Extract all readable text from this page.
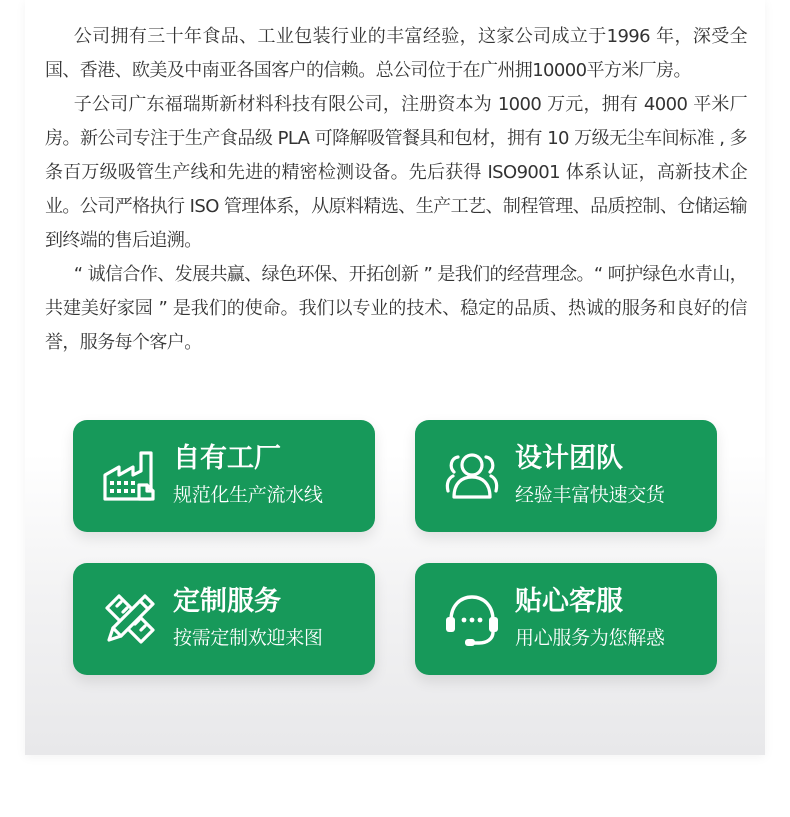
公司拥有三十年食品、工业包装行业的丰富经验，这家公司成立于1996 年，深受全国、香港、欧美及中南亚各国客户的信赖。总公司位于在广州拥10000平方米厂房。

子公司广东福瑞斯新材料科技有限公司，注册资本为 1000 万元，拥有 4000 平米厂房。新公司专注于生产食品级 PLA 可降解吸管餐具和包材，拥有 10 万级无尘车间标准 , 多条百万级吸管生产线和先进的精密检测设备。先后获得 ISO9001 体系认证，高新技术企业。公司严格执行 ISO 管理体系，从原料精选、生产工艺、制程管理、品质控制、仓储运输到终端的售后追溯。

“ 诚信合作、发展共赢、绿色环保、开拓创新 ” 是我们的经营理念。“ 呵护绿色水青山，共建美好家园 ” 是我们的使命。我们以专业的技术、稳定的品质、热诚的服务和良好的信誉，服务每个客户。

自有工厂
规范化生产流水线
设计团队
经验丰富快速交货
定制服务
按需定制欢迎来图
贴心客服
用心服务为您解惑
